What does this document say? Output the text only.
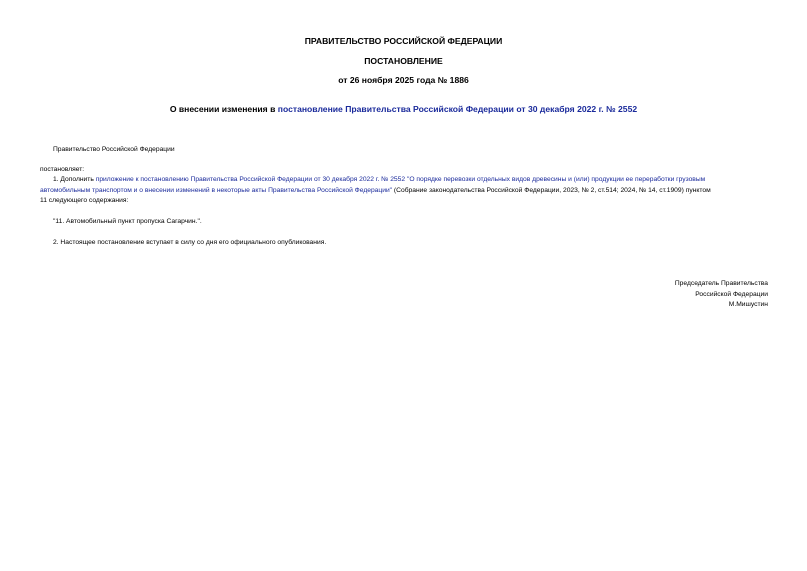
ПРАВИТЕЛЬСТВО РОССИЙСКОЙ ФЕДЕРАЦИИ
ПОСТАНОВЛЕНИЕ
от 26 ноября 2025 года № 1886
О внесении изменения в постановление Правительства Российской Федерации от 30 декабря 2022 г. № 2552
Правительство Российской Федерации
постановляет:
1. Дополнить приложение к постановлению Правительства Российской Федерации от 30 декабря 2022 г. № 2552 "О порядке перевозки отдельных видов древесины и (или) продукции ее переработки грузовым
автомобильным транспортом и о внесении изменений в некоторые акты Правительства Российской Федерации" (Собрание законодательства Российской Федерации, 2023, № 2, ст.514; 2024, № 14, ст.1909) пунктом
11 следующего содержания:
"11. Автомобильный пункт пропуска Сагарчин.".
2. Настоящее постановление вступает в силу со дня его официального опубликования.
Председатель Правительства
Российской Федерации
М.Мишустин
